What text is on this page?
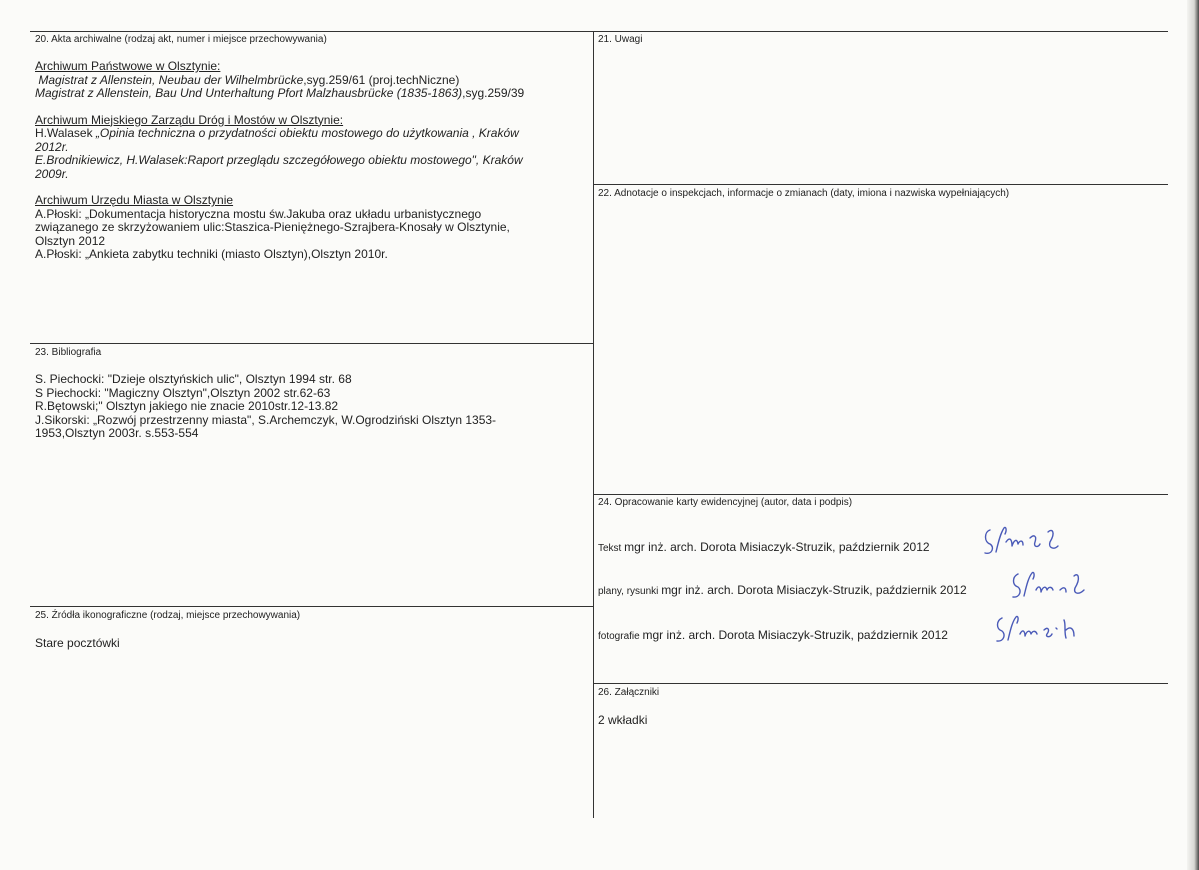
20. Akta archiwalne (rodzaj akt, numer i miejsce przechowywania)
Archiwum Państwowe w Olsztynie:
Magistrat z Allenstein, Neubau der Wilhelmbrücke,syg.259/61 (proj.techNiczne)
Magistrat z Allenstein, Bau Und Unterhaltung Pfort Malzhausbrücke (1835-1863),syg.259/39
Archiwum Miejskiego Zarządu Dróg i Mostów w Olsztynie:
H.Walasek „Opinia techniczna o przydatności obiektu mostowego do użytkowania , Kraków
2012r.
E.Brodnikiewicz, H.Walasek:Raport przeglądu szczegółowego obiektu mostowego", Kraków
2009r.
Archiwum Urzędu Miasta w Olsztynie
A.Płoski: „Dokumentacja historyczna mostu św.Jakuba oraz układu urbanistycznego
związanego ze skrzyżowaniem ulic:Staszica-Pieniężnego-Szrajbera-Knosały w Olsztynie,
Olsztyn 2012
A.Płoski: „Ankieta zabytku techniki (miasto Olsztyn),Olsztyn 2010r.
21. Uwagi
22. Adnotacje o inspekcjach, informacje o zmianach (daty, imiona i nazwiska wypełniających)
23. Bibliografia
S. Piechocki: "Dzieje olsztyńskich ulic", Olsztyn 1994 str. 68
S Piechocki: "Magiczny Olsztyn",Olsztyn 2002 str.62-63
R.Bętowski;" Olsztyn jakiego nie znacie 2010str.12-13.82
J.Sikorski: „Rozwój przestrzenny miasta", S.Archemczyk, W.Ogrodziński Olsztyn 1353-
1953,Olsztyn 2003r. s.553-554
24. Opracowanie karty ewidencyjnej (autor, data i podpis)
Tekst mgr inż. arch. Dorota Misiaczyk-Struzik, październik 2012
plany, rysunki mgr inż. arch. Dorota Misiaczyk-Struzik, październik 2012
fotografie mgr inż. arch. Dorota Misiaczyk-Struzik, październik 2012
25. Źródła ikonograficzne (rodzaj, miejsce przechowywania)
Stare pocztówki
26. Załączniki
2 wkładki
